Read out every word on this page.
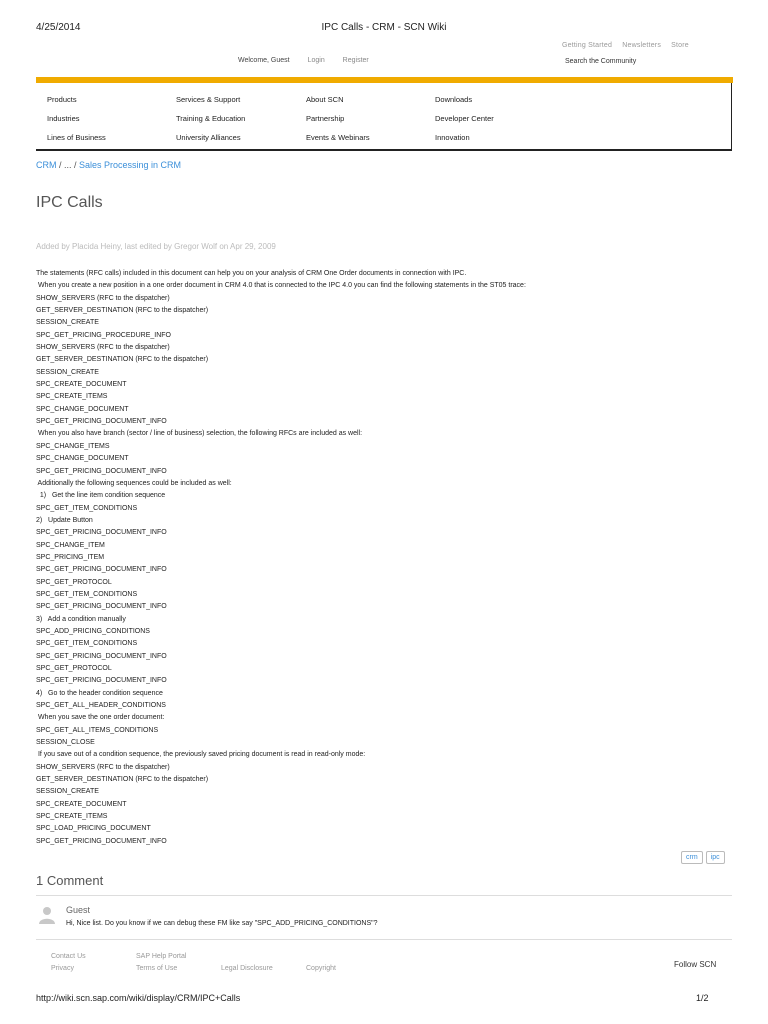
4/25/2014	IPC Calls - CRM - SCN Wiki
Getting Started Newsletters Store
Welcome, Guest	Login	Register	Search the Community
Products
Industries
Lines of Business
Services & Support
Training & Education
University Alliances
About SCN
Partnership
Events & Webinars
Downloads
Developer Center
Innovation
CRM / ... / Sales Processing in CRM
IPC Calls
Added by Placida Heiny, last edited by Gregor Wolf on Apr 29, 2009
The statements (RFC calls) included in this document can help you on your analysis of CRM One Order documents in connection with IPC.
When you create a new position in a one order document in CRM 4.0 that is connected to the IPC 4.0 you can find the following statements in the ST05 trace:
SHOW_SERVERS (RFC to the dispatcher)
GET_SERVER_DESTINATION (RFC to the dispatcher)
SESSION_CREATE
SPC_GET_PRICING_PROCEDURE_INFO
SHOW_SERVERS (RFC to the dispatcher)
GET_SERVER_DESTINATION (RFC to the dispatcher)
SESSION_CREATE
SPC_CREATE_DOCUMENT
SPC_CREATE_ITEMS
SPC_CHANGE_DOCUMENT
SPC_GET_PRICING_DOCUMENT_INFO
When you also have branch (sector / line of business) selection, the following RFCs are included as well:
SPC_CHANGE_ITEMS
SPC_CHANGE_DOCUMENT
SPC_GET_PRICING_DOCUMENT_INFO
Additionally the following sequences could be included as well:
1)   Get the line item condition sequence
SPC_GET_ITEM_CONDITIONS
2)   Update Button
SPC_GET_PRICING_DOCUMENT_INFO
SPC_CHANGE_ITEM
SPC_PRICING_ITEM
SPC_GET_PRICING_DOCUMENT_INFO
SPC_GET_PROTOCOL
SPC_GET_ITEM_CONDITIONS
SPC_GET_PRICING_DOCUMENT_INFO
3)   Add a condition manually
SPC_ADD_PRICING_CONDITIONS
SPC_GET_ITEM_CONDITIONS
SPC_GET_PRICING_DOCUMENT_INFO
SPC_GET_PROTOCOL
SPC_GET_PRICING_DOCUMENT_INFO
4)   Go to the header condition sequence
SPC_GET_ALL_HEADER_CONDITIONS
When you save the one order document:
SPC_GET_ALL_ITEMS_CONDITIONS
SESSION_CLOSE
If you save out of a condition sequence, the previously saved pricing document is read in read-only mode:
SHOW_SERVERS (RFC to the dispatcher)
GET_SERVER_DESTINATION (RFC to the dispatcher)
SESSION_CREATE
SPC_CREATE_DOCUMENT
SPC_CREATE_ITEMS
SPC_LOAD_PRICING_DOCUMENT
SPC_GET_PRICING_DOCUMENT_INFO
crm ipc
1 Comment
Guest
Hi, Nice list. Do you know if we can debug these FM like say "SPC_ADD_PRICING_CONDITIONS"?
Contact Us	SAP Help Portal
Privacy	Terms of Use	Legal Disclosure	Copyright	Follow SCN
http://wiki.scn.sap.com/wiki/display/CRM/IPC+Calls	1/2
